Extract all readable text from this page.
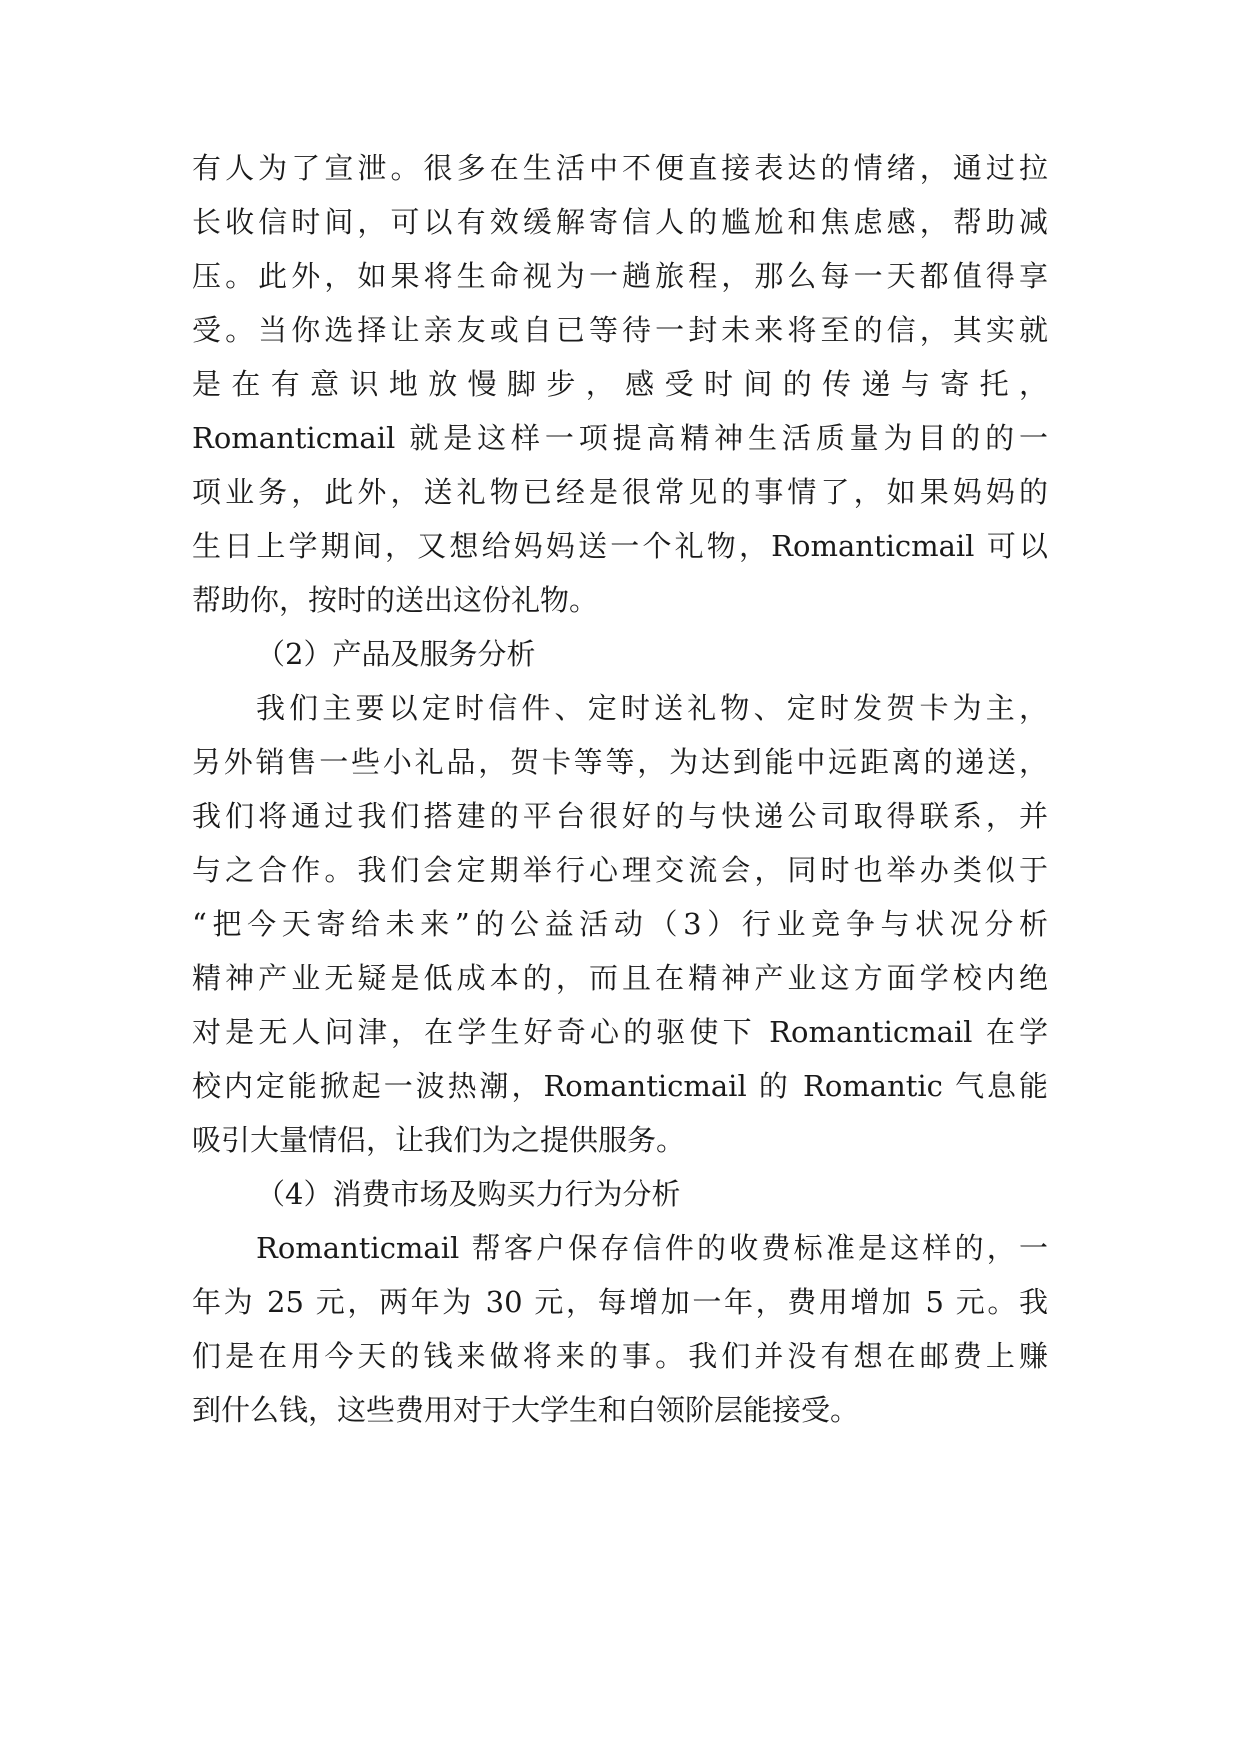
有人为了宣泄。很多在生活中不便直接表达的情绪，通过拉
长收信时间，可以有效缓解寄信人的尴尬和焦虑感，帮助减
压。此外，如果将生命视为一趟旅程，那么每一天都值得享
受。当你选择让亲友或自已等待一封未来将至的信，其实就
是在有意识地放慢脚步，感受时间的传递与寄托，
Romanticmail 就是这样一项提高精神生活质量为目的的一
项业务，此外，送礼物已经是很常见的事情了，如果妈妈的
生日上学期间，又想给妈妈送一个礼物，Romanticmail 可以
帮助你，按时的送出这份礼物。
（2）产品及服务分析
我们主要以定时信件、定时送礼物、定时发贺卡为主，
另外销售一些小礼品，贺卡等等，为达到能中远距离的递送，
我们将通过我们搭建的平台很好的与快递公司取得联系，并
与之合作。我们会定期举行心理交流会，同时也举办类似于
“把今天寄给未来”的公益活动（3）行业竞争与状况分析
精神产业无疑是低成本的，而且在精神产业这方面学校内绝
对是无人问津，在学生好奇心的驱使下 Romanticmail 在学
校内定能掀起一波热潮，Romanticmail 的 Romantic 气息能
吸引大量情侣，让我们为之提供服务。
（4）消费市场及购买力行为分析
Romanticmail 帮客户保存信件的收费标准是这样的，一
年为 25 元，两年为 30 元，每增加一年，费用增加 5 元。我
们是在用今天的钱来做将来的事。我们并没有想在邮费上赚
到什么钱，这些费用对于大学生和白领阶层能接受。
